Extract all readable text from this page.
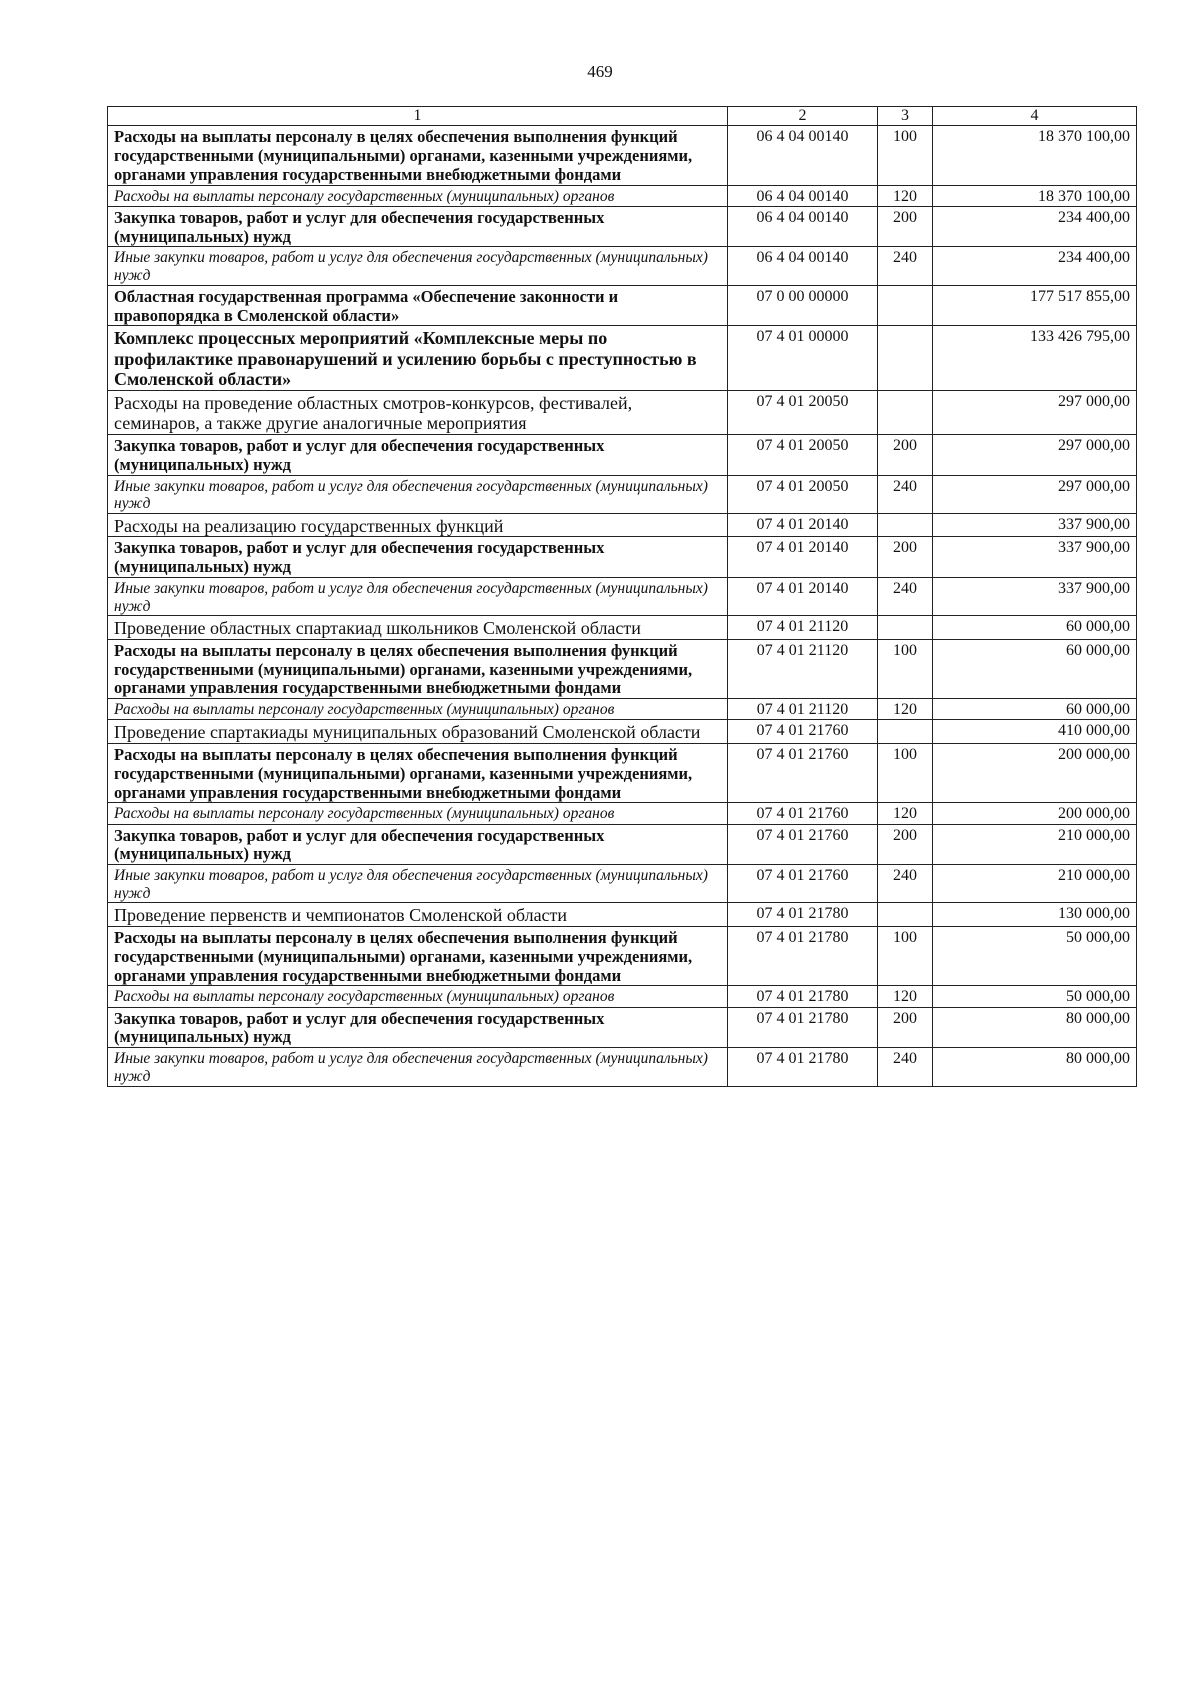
469
1	2	3	4
Расходы на выплаты персоналу в целях обеспечения выполнения функций государственными (муниципальными) органами, казенными учреждениями, органами управления государственными внебюджетными фондами	06 4 04 00140	100	18 370 100,00
Расходы на выплаты персоналу государственных (муниципальных) органов	06 4 04 00140	120	18 370 100,00
Закупка товаров, работ и услуг для обеспечения государственных (муниципальных) нужд	06 4 04 00140	200	234 400,00
Иные закупки товаров, работ и услуг для обеспечения государственных (муниципальных) нужд	06 4 04 00140	240	234 400,00
Областная государственная программа «Обеспечение законности и правопорядка в Смоленской области»	07 0 00 00000		177 517 855,00
Комплекс процессных мероприятий «Комплексные меры по профилактике правонарушений и усилению борьбы с преступностью в Смоленской области»	07 4 01 00000		133 426 795,00
Расходы на проведение областных смотров-конкурсов, фестивалей, семинаров, а также другие аналогичные мероприятия	07 4 01 20050		297 000,00
Закупка товаров, работ и услуг для обеспечения государственных (муниципальных) нужд	07 4 01 20050	200	297 000,00
Иные закупки товаров, работ и услуг для обеспечения государственных (муниципальных) нужд	07 4 01 20050	240	297 000,00
Расходы на реализацию государственных функций	07 4 01 20140		337 900,00
Закупка товаров, работ и услуг для обеспечения государственных (муниципальных) нужд	07 4 01 20140	200	337 900,00
Иные закупки товаров, работ и услуг для обеспечения государственных (муниципальных) нужд	07 4 01 20140	240	337 900,00
Проведение областных спартакиад школьников Смоленской области	07 4 01 21120		60 000,00
Расходы на выплаты персоналу в целях обеспечения выполнения функций государственными (муниципальными) органами, казенными учреждениями, органами управления государственными внебюджетными фондами	07 4 01 21120	100	60 000,00
Расходы на выплаты персоналу государственных (муниципальных) органов	07 4 01 21120	120	60 000,00
Проведение спартакиады муниципальных образований Смоленской области	07 4 01 21760		410 000,00
Расходы на выплаты персоналу в целях обеспечения выполнения функций государственными (муниципальными) органами, казенными учреждениями, органами управления государственными внебюджетными фондами	07 4 01 21760	100	200 000,00
Расходы на выплаты персоналу государственных (муниципальных) органов	07 4 01 21760	120	200 000,00
Закупка товаров, работ и услуг для обеспечения государственных (муниципальных) нужд	07 4 01 21760	200	210 000,00
Иные закупки товаров, работ и услуг для обеспечения государственных (муниципальных) нужд	07 4 01 21760	240	210 000,00
Проведение первенств и чемпионатов Смоленской области	07 4 01 21780		130 000,00
Расходы на выплаты персоналу в целях обеспечения выполнения функций государственными (муниципальными) органами, казенными учреждениями, органами управления государственными внебюджетными фондами	07 4 01 21780	100	50 000,00
Расходы на выплаты персоналу государственных (муниципальных) органов	07 4 01 21780	120	50 000,00
Закупка товаров, работ и услуг для обеспечения государственных (муниципальных) нужд	07 4 01 21780	200	80 000,00
Иные закупки товаров, работ и услуг для обеспечения государственных (муниципальных) нужд	07 4 01 21780	240	80 000,00
